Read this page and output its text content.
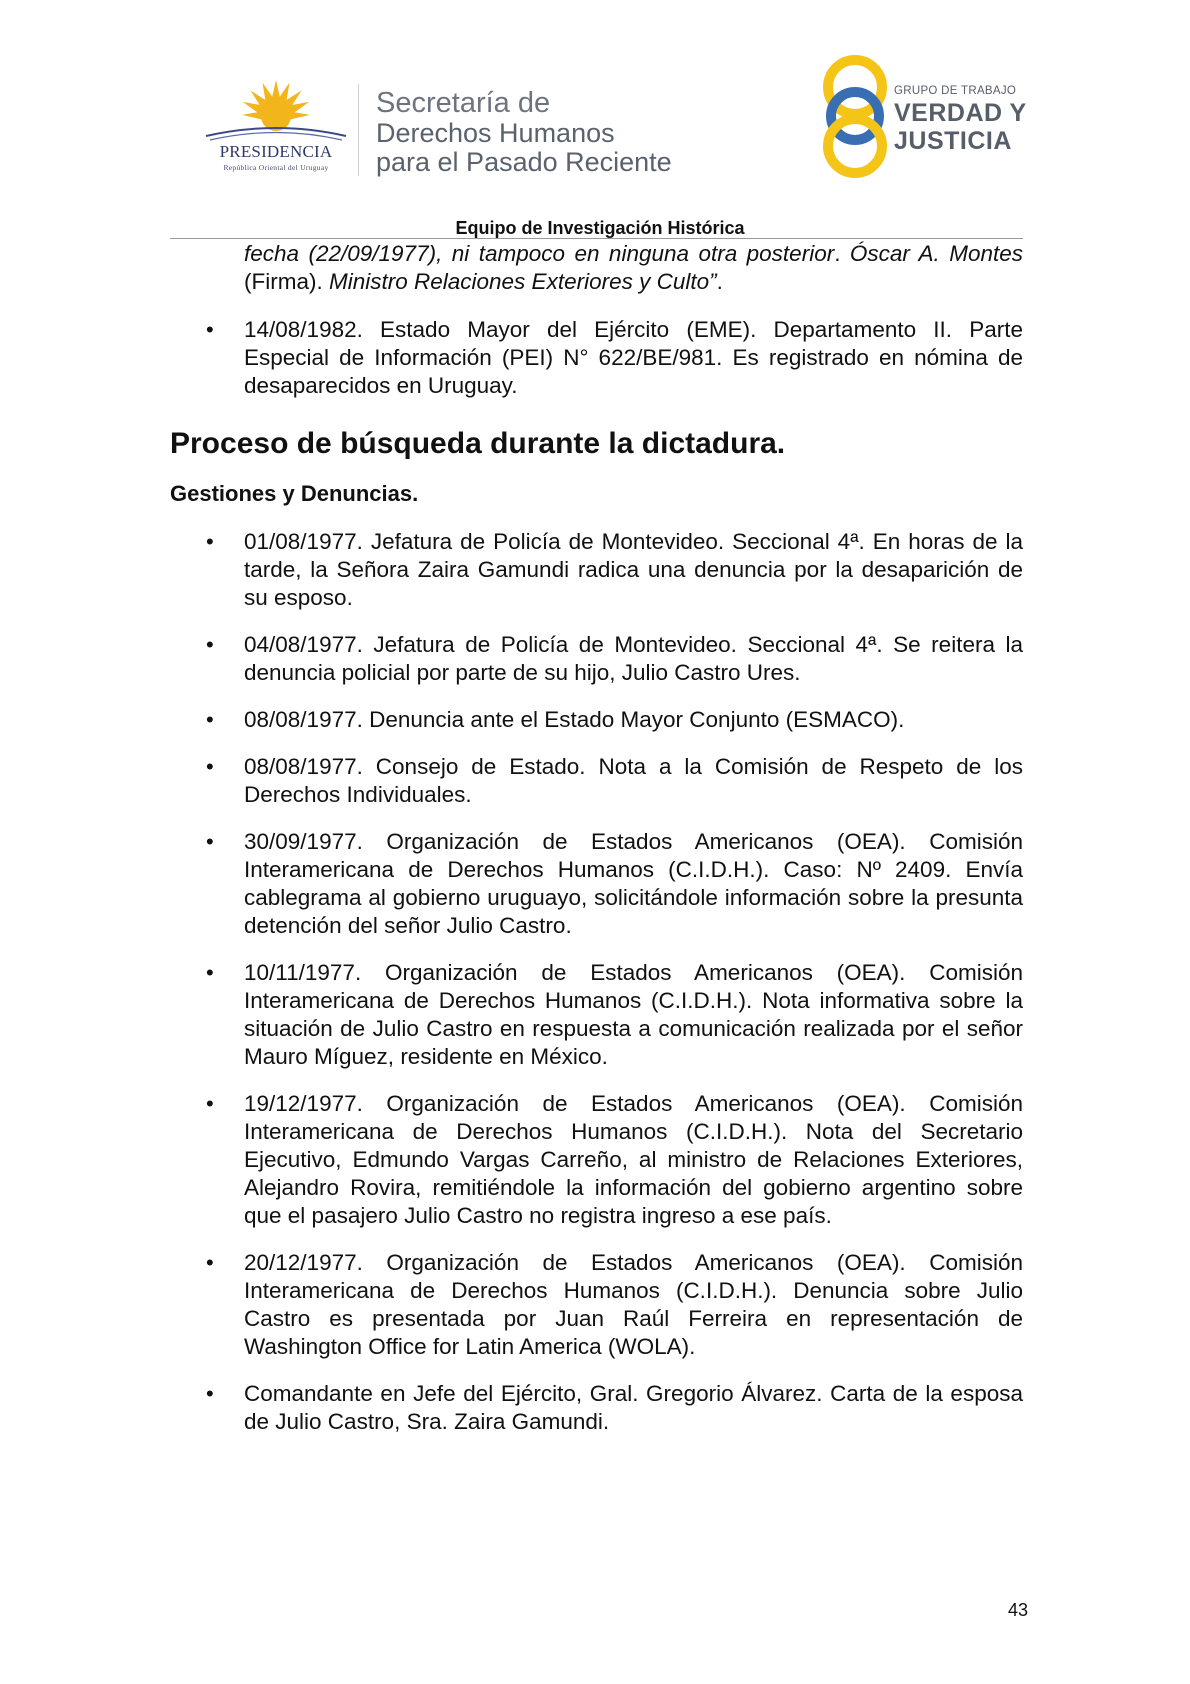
PRESIDENCIA
República Oriental del Uruguay
Secretaría de
Derechos Humanos
para el Pasado Reciente
GRUPO DE TRABAJO
VERDAD Y
JUSTICIA
Equipo de Investigación Histórica

fecha (22/09/1977), ni tampoco en ninguna otra posterior. Óscar A. Montes (Firma). Ministro Relaciones Exteriores y Culto”.

• 14/08/1982. Estado Mayor del Ejército (EME). Departamento II. Parte Especial de Información (PEI) N° 622/BE/981. Es registrado en nómina de desaparecidos en Uruguay.

Proceso de búsqueda durante la dictadura.
Gestiones y Denuncias.
• 01/08/1977. Jefatura de Policía de Montevideo. Seccional 4ª. En horas de la tarde, la Señora Zaira Gamundi radica una denuncia por la desaparición de su esposo.

• 04/08/1977. Jefatura de Policía de Montevideo. Seccional 4ª. Se reitera la denuncia policial por parte de su hijo, Julio Castro Ures.

• 08/08/1977. Denuncia ante el Estado Mayor Conjunto (ESMACO).

• 08/08/1977. Consejo de Estado. Nota a la Comisión de Respeto de los Derechos Individuales.

• 30/09/1977. Organización de Estados Americanos (OEA). Comisión Interamericana de Derechos Humanos (C.I.D.H.). Caso: Nº 2409. Envía cablegrama al gobierno uruguayo, solicitándole información sobre la presunta detención del señor Julio Castro.

• 10/11/1977. Organización de Estados Americanos (OEA). Comisión Interamericana de Derechos Humanos (C.I.D.H.). Nota informativa sobre la situación de Julio Castro en respuesta a comunicación realizada por el señor Mauro Míguez, residente en México.

• 19/12/1977. Organización de Estados Americanos (OEA). Comisión Interamericana de Derechos Humanos (C.I.D.H.). Nota del Secretario Ejecutivo, Edmundo Vargas Carreño, al ministro de Relaciones Exteriores, Alejandro Rovira, remitiéndole la información del gobierno argentino sobre que el pasajero Julio Castro no registra ingreso a ese país.

• 20/12/1977. Organización de Estados Americanos (OEA). Comisión Interamericana de Derechos Humanos (C.I.D.H.). Denuncia sobre Julio Castro es presentada por Juan Raúl Ferreira en representación de Washington Office for Latin America (WOLA).

• Comandante en Jefe del Ejército, Gral. Gregorio Álvarez. Carta de la esposa de Julio Castro, Sra. Zaira Gamundi.

43
